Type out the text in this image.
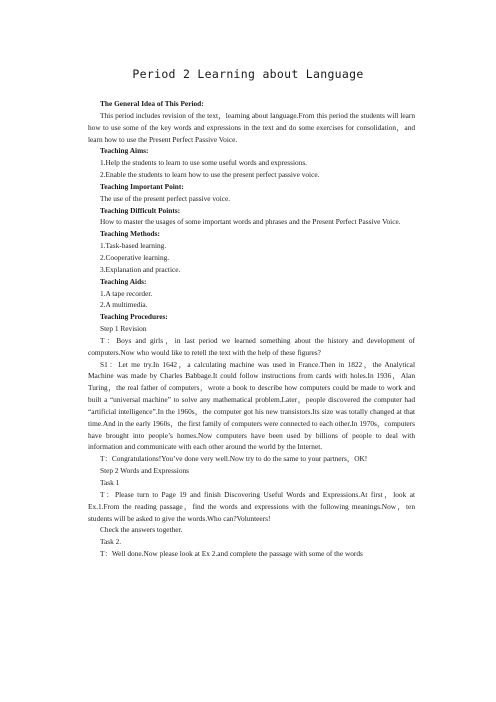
Period 2 Learning about Language

The General Idea of This Period:

This period includes revision of the text，learning about language.From this period the students will learn how to use some of the key words and expressions in the text and do some exercises for consolidation，and learn how to use the Present Perfect Passive Voice.

Teaching Aims:

1.Help the students to learn to use some useful words and expressions.

2.Enable the students to learn how to use the present perfect passive voice.

Teaching Important Point:

The use of the present perfect passive voice.

Teaching Difficult Points:

How to master the usages of some important words and phrases and the Present Perfect Passive Voice.

Teaching Methods:

1.Task-based learning.

2.Cooperative learning.

3.Explanation and practice.

Teaching Aids:

1.A tape recorder.

2.A multimedia.

Teaching Procedures:

Step 1 Revision

T：Boys and girls，in last period we learned something about the history and development of computers.Now who would like to retell the text with the help of these figures?

S1：Let me try.In 1642，a calculating machine was used in France.Then in 1822，the Analytical Machine was made by Charles Babbage.It could follow instructions from cards with holes.In 1936，Alan Turing，the real father of computers，wrote a book to describe how computers could be made to work and built a “universal machine” to solve any mathematical problem.Later，people discovered the computer had “artificial intelligence”.In the 1960s，the computer got his new transistors.Its size was totally changed at that time.And in the early 1960s，the first family of computers were connected to each other.In 1970s，computers have brought into people’s homes.Now computers have been used by billions of people to deal with information and communicate with each other around the world by the Internet.

T：Congratulations!You’ve done very well.Now try to do the same to your partners，OK!

Step 2 Words and Expressions

Task 1

T：Please turn to Page 19 and finish Discovering Useful Words and Expressions.At first，look at Ex.1.From the reading passage，find the words and expressions with the following meanings.Now，ten students will be asked to give the words.Who can?Volunteers!

Check the answers together.

Task 2.

T：Well done.Now please look at Ex 2.and complete the passage with some of the words
